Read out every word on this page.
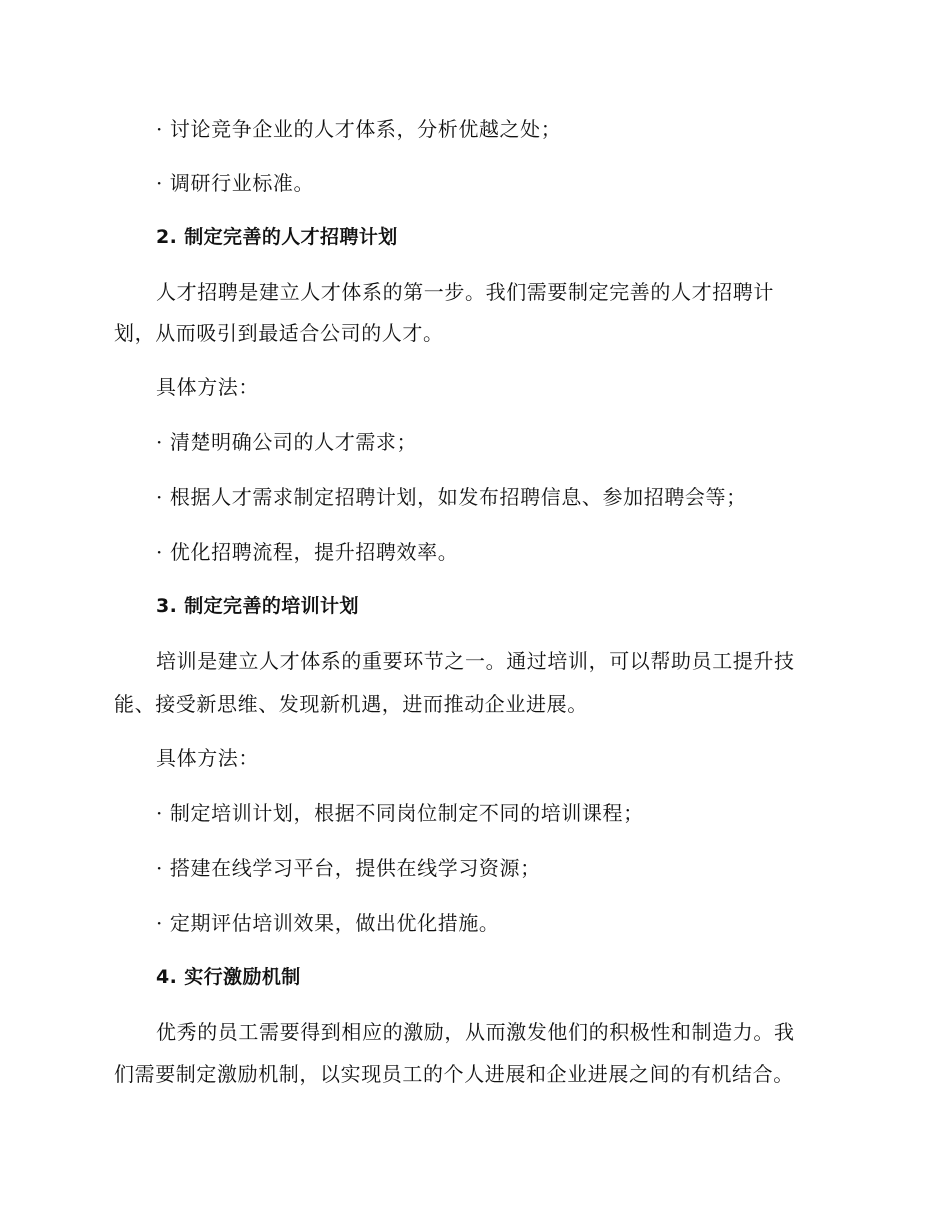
· 讨论竞争企业的人才体系，分析优越之处；
· 调研行业标准。
2. 制定完善的人才招聘计划
人才招聘是建立人才体系的第一步。我们需要制定完善的人才招聘计
划，从而吸引到最适合公司的人才。
具体方法：
· 清楚明确公司的人才需求；
· 根据人才需求制定招聘计划，如发布招聘信息、参加招聘会等；
· 优化招聘流程，提升招聘效率。
3. 制定完善的培训计划
培训是建立人才体系的重要环节之一。通过培训，可以帮助员工提升技
能、接受新思维、发现新机遇，进而推动企业进展。
具体方法：
· 制定培训计划，根据不同岗位制定不同的培训课程；
· 搭建在线学习平台，提供在线学习资源；
· 定期评估培训效果，做出优化措施。
4. 实行激励机制
优秀的员工需要得到相应的激励，从而激发他们的积极性和制造力。我
们需要制定激励机制，以实现员工的个人进展和企业进展之间的有机结合。
